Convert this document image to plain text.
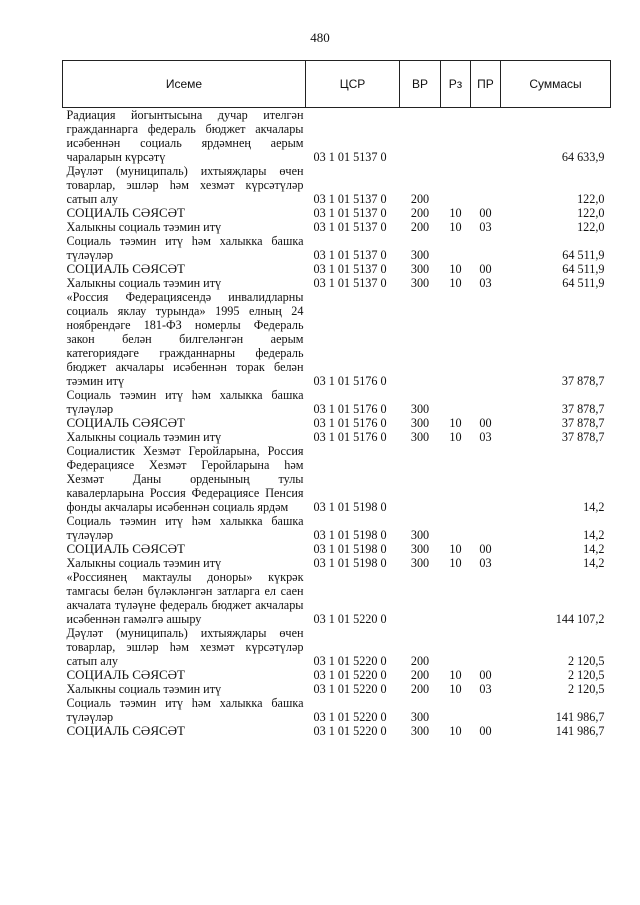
480
Исеме	ЦСР	ВР	Рз	ПР	Суммасы
Радиация йогынтысына дучар ителгән гражданнарга федераль бюджет акчалары исәбеннән социаль ярдәмнең аерым чараларын күрсәтү	03 1 01 5137 0				64 633,9
Дәүләт (муниципаль) ихтыяҗлары өчен товарлар, эшләр һәм хезмәт күрсәтүләр сатып алу	03 1 01 5137 0	200			122,0
СОЦИАЛЬ СӘЯСӘТ	03 1 01 5137 0	200	10	00	122,0
Халыкны социаль тәэмин итү	03 1 01 5137 0	200	10	03	122,0
Социаль тәэмин итү һәм халыкка башка түләүләр	03 1 01 5137 0	300			64 511,9
СОЦИАЛЬ СӘЯСӘТ	03 1 01 5137 0	300	10	00	64 511,9
Халыкны социаль тәэмин итү	03 1 01 5137 0	300	10	03	64 511,9
«Россия Федерациясендә инвалидларны социаль яклау турында» 1995 елның 24 ноябрендәге 181-ФЗ номерлы Федераль закон белән билгеләнгән аерым категориядәге гражданнарны федераль бюджет акчалары исәбеннән торак белән тәэмин итү	03 1 01 5176 0				37 878,7
Социаль тәэмин итү һәм халыкка башка түләүләр	03 1 01 5176 0	300			37 878,7
СОЦИАЛЬ СӘЯСӘТ	03 1 01 5176 0	300	10	00	37 878,7
Халыкны социаль тәэмин итү	03 1 01 5176 0	300	10	03	37 878,7
Социалистик Хезмәт Геройларына, Россия Федерациясе Хезмәт Геройларына һәм Хезмәт Даны орденының тулы кавалерларына Россия Федерациясе Пенсия фонды акчалары исәбеннән социаль ярдәм	03 1 01 5198 0				14,2
Социаль тәэмин итү һәм халыкка башка түләүләр	03 1 01 5198 0	300			14,2
СОЦИАЛЬ СӘЯСӘТ	03 1 01 5198 0	300	10	00	14,2
Халыкны социаль тәэмин итү	03 1 01 5198 0	300	10	03	14,2
«Россиянең мактаулы доноры» күкрәк тамгасы белән бүләкләнгән затларга ел саен акчалата түләүне федераль бюджет акчалары исәбеннән гамәлгә ашыру	03 1 01 5220 0				144 107,2
Дәүләт (муниципаль) ихтыяҗлары өчен товарлар, эшләр һәм хезмәт күрсәтүләр сатып алу	03 1 01 5220 0	200			2 120,5
СОЦИАЛЬ СӘЯСӘТ	03 1 01 5220 0	200	10	00	2 120,5
Халыкны социаль тәэмин итү	03 1 01 5220 0	200	10	03	2 120,5
Социаль тәэмин итү һәм халыкка башка түләүләр	03 1 01 5220 0	300			141 986,7
СОЦИАЛЬ СӘЯСӘТ	03 1 01 5220 0	300	10	00	141 986,7
